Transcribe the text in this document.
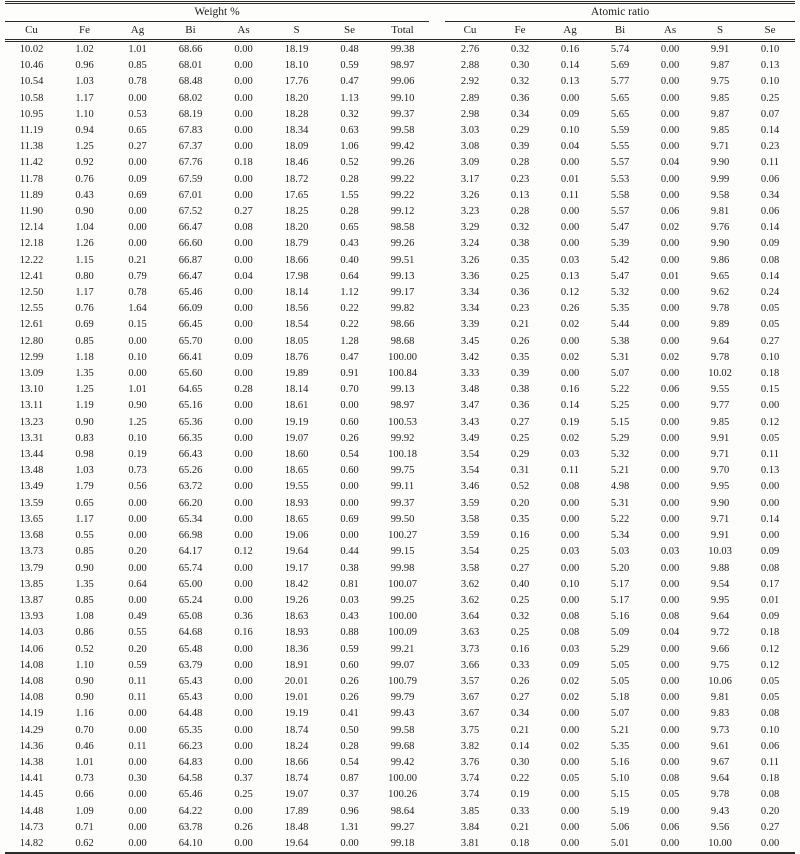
Weight %									Atomic ratio						
Cu	Fe	Ag	Bi	As	S	Se	Total		Cu	Fe	Ag	Bi	As	S	Se
10.02	1.02	1.01	68.66	0.00	18.19	0.48	99.38		2.76	0.32	0.16	5.74	0.00	9.91	0.10
10.46	0.96	0.85	68.01	0.00	18.10	0.59	98.97		2.88	0.30	0.14	5.69	0.00	9.87	0.13
10.54	1.03	0.78	68.48	0.00	17.76	0.47	99.06		2.92	0.32	0.13	5.77	0.00	9.75	0.10
10.58	1.17	0.00	68.02	0.00	18.20	1.13	99.10		2.89	0.36	0.00	5.65	0.00	9.85	0.25
10.95	1.10	0.53	68.19	0.00	18.28	0.32	99.37		2.98	0.34	0.09	5.65	0.00	9.87	0.07
11.19	0.94	0.65	67.83	0.00	18.34	0.63	99.58		3.03	0.29	0.10	5.59	0.00	9.85	0.14
11.38	1.25	0.27	67.37	0.00	18.09	1.06	99.42		3.08	0.39	0.04	5.55	0.00	9.71	0.23
11.42	0.92	0.00	67.76	0.18	18.46	0.52	99.26		3.09	0.28	0.00	5.57	0.04	9.90	0.11
11.78	0.76	0.09	67.59	0.00	18.72	0.28	99.22		3.17	0.23	0.01	5.53	0.00	9.99	0.06
11.89	0.43	0.69	67.01	0.00	17.65	1.55	99.22		3.26	0.13	0.11	5.58	0.00	9.58	0.34
11.90	0.90	0.00	67.52	0.27	18.25	0.28	99.12		3.23	0.28	0.00	5.57	0.06	9.81	0.06
12.14	1.04	0.00	66.47	0.08	18.20	0.65	98.58		3.29	0.32	0.00	5.47	0.02	9.76	0.14
12.18	1.26	0.00	66.60	0.00	18.79	0.43	99.26		3.24	0.38	0.00	5.39	0.00	9.90	0.09
12.22	1.15	0.21	66.87	0.00	18.66	0.40	99.51		3.26	0.35	0.03	5.42	0.00	9.86	0.08
12.41	0.80	0.79	66.47	0.04	17.98	0.64	99.13		3.36	0.25	0.13	5.47	0.01	9.65	0.14
12.50	1.17	0.78	65.46	0.00	18.14	1.12	99.17		3.34	0.36	0.12	5.32	0.00	9.62	0.24
12.55	0.76	1.64	66.09	0.00	18.56	0.22	99.82		3.34	0.23	0.26	5.35	0.00	9.78	0.05
12.61	0.69	0.15	66.45	0.00	18.54	0.22	98.66		3.39	0.21	0.02	5.44	0.00	9.89	0.05
12.80	0.85	0.00	65.70	0.00	18.05	1.28	98.68		3.45	0.26	0.00	5.38	0.00	9.64	0.27
12.99	1.18	0.10	66.41	0.09	18.76	0.47	100.00		3.42	0.35	0.02	5.31	0.02	9.78	0.10
13.09	1.35	0.00	65.60	0.00	19.89	0.91	100.84		3.33	0.39	0.00	5.07	0.00	10.02	0.18
13.10	1.25	1.01	64.65	0.28	18.14	0.70	99.13		3.48	0.38	0.16	5.22	0.06	9.55	0.15
13.11	1.19	0.90	65.16	0.00	18.61	0.00	98.97		3.47	0.36	0.14	5.25	0.00	9.77	0.00
13.23	0.90	1.25	65.36	0.00	19.19	0.60	100.53		3.43	0.27	0.19	5.15	0.00	9.85	0.12
13.31	0.83	0.10	66.35	0.00	19.07	0.26	99.92		3.49	0.25	0.02	5.29	0.00	9.91	0.05
13.44	0.98	0.19	66.43	0.00	18.60	0.54	100.18		3.54	0.29	0.03	5.32	0.00	9.71	0.11
13.48	1.03	0.73	65.26	0.00	18.65	0.60	99.75		3.54	0.31	0.11	5.21	0.00	9.70	0.13
13.49	1.79	0.56	63.72	0.00	19.55	0.00	99.11		3.46	0.52	0.08	4.98	0.00	9.95	0.00
13.59	0.65	0.00	66.20	0.00	18.93	0.00	99.37		3.59	0.20	0.00	5.31	0.00	9.90	0.00
13.65	1.17	0.00	65.34	0.00	18.65	0.69	99.50		3.58	0.35	0.00	5.22	0.00	9.71	0.14
13.68	0.55	0.00	66.98	0.00	19.06	0.00	100.27		3.59	0.16	0.00	5.34	0.00	9.91	0.00
13.73	0.85	0.20	64.17	0.12	19.64	0.44	99.15		3.54	0.25	0.03	5.03	0.03	10.03	0.09
13.79	0.90	0.00	65.74	0.00	19.17	0.38	99.98		3.58	0.27	0.00	5.20	0.00	9.88	0.08
13.85	1.35	0.64	65.00	0.00	18.42	0.81	100.07		3.62	0.40	0.10	5.17	0.00	9.54	0.17
13.87	0.85	0.00	65.24	0.00	19.26	0.03	99.25		3.62	0.25	0.00	5.17	0.00	9.95	0.01
13.93	1.08	0.49	65.08	0.36	18.63	0.43	100.00		3.64	0.32	0.08	5.16	0.08	9.64	0.09
14.03	0.86	0.55	64.68	0.16	18.93	0.88	100.09		3.63	0.25	0.08	5.09	0.04	9.72	0.18
14.06	0.52	0.20	65.48	0.00	18.36	0.59	99.21		3.73	0.16	0.03	5.29	0.00	9.66	0.12
14.08	1.10	0.59	63.79	0.00	18.91	0.60	99.07		3.66	0.33	0.09	5.05	0.00	9.75	0.12
14.08	0.90	0.11	65.43	0.00	20.01	0.26	100.79		3.57	0.26	0.02	5.05	0.00	10.06	0.05
14.08	0.90	0.11	65.43	0.00	19.01	0.26	99.79		3.67	0.27	0.02	5.18	0.00	9.81	0.05
14.19	1.16	0.00	64.48	0.00	19.19	0.41	99.43		3.67	0.34	0.00	5.07	0.00	9.83	0.08
14.29	0.70	0.00	65.35	0.00	18.74	0.50	99.58		3.75	0.21	0.00	5.21	0.00	9.73	0.10
14.36	0.46	0.11	66.23	0.00	18.24	0.28	99.68		3.82	0.14	0.02	5.35	0.00	9.61	0.06
14.38	1.01	0.00	64.83	0.00	18.66	0.54	99.42		3.76	0.30	0.00	5.16	0.00	9.67	0.11
14.41	0.73	0.30	64.58	0.37	18.74	0.87	100.00		3.74	0.22	0.05	5.10	0.08	9.64	0.18
14.45	0.66	0.00	65.46	0.25	19.07	0.37	100.26		3.74	0.19	0.00	5.15	0.05	9.78	0.08
14.48	1.09	0.00	64.22	0.00	17.89	0.96	98.64		3.85	0.33	0.00	5.19	0.00	9.43	0.20
14.73	0.71	0.00	63.78	0.26	18.48	1.31	99.27		3.84	0.21	0.00	5.06	0.06	9.56	0.27
14.82	0.62	0.00	64.10	0.00	19.64	0.00	99.18		3.81	0.18	0.00	5.01	0.00	10.00	0.00
